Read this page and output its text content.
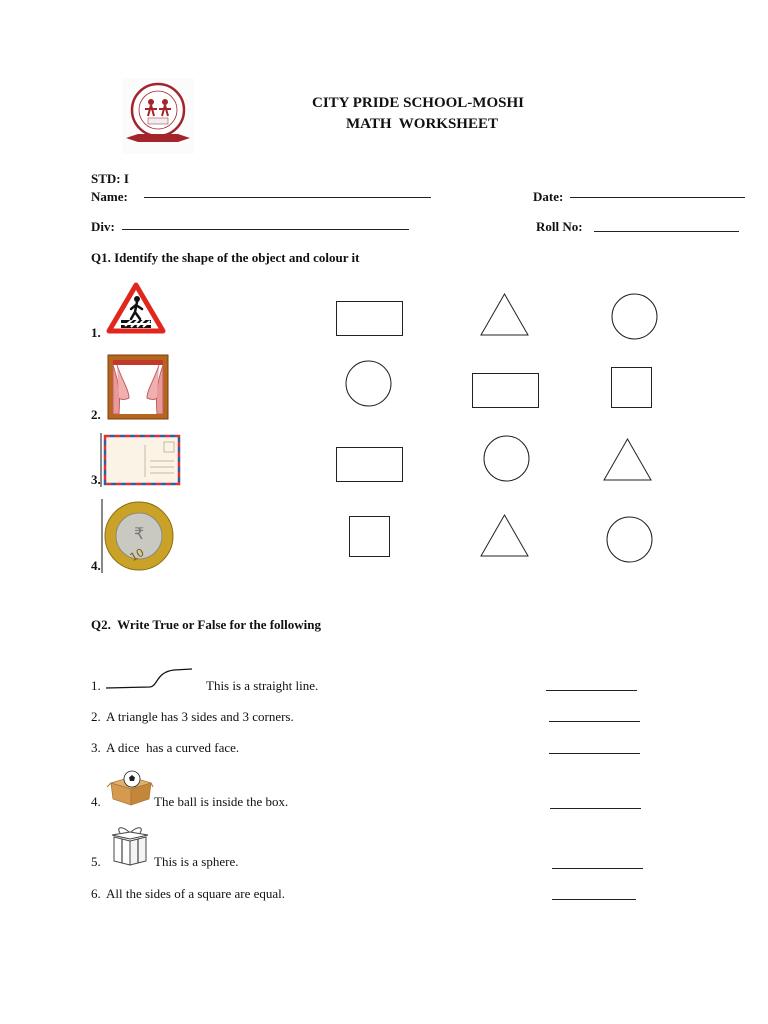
CITY PRIDE SCHOOL-MOSHI
MATH  WORKSHEET
STD: I
Name:	Date:
Div:	Roll No:
Q1. Identify the shape of the object and colour it
1.
2.
3.
4.
₹
10
Q2.  Write True or False for the following
1.	This is a straight line.
2. A triangle has 3 sides and 3 corners.
3. A dice  has a curved face.
4.	The ball is inside the box.
5.	This is a sphere.
6. All the sides of a square are equal.
